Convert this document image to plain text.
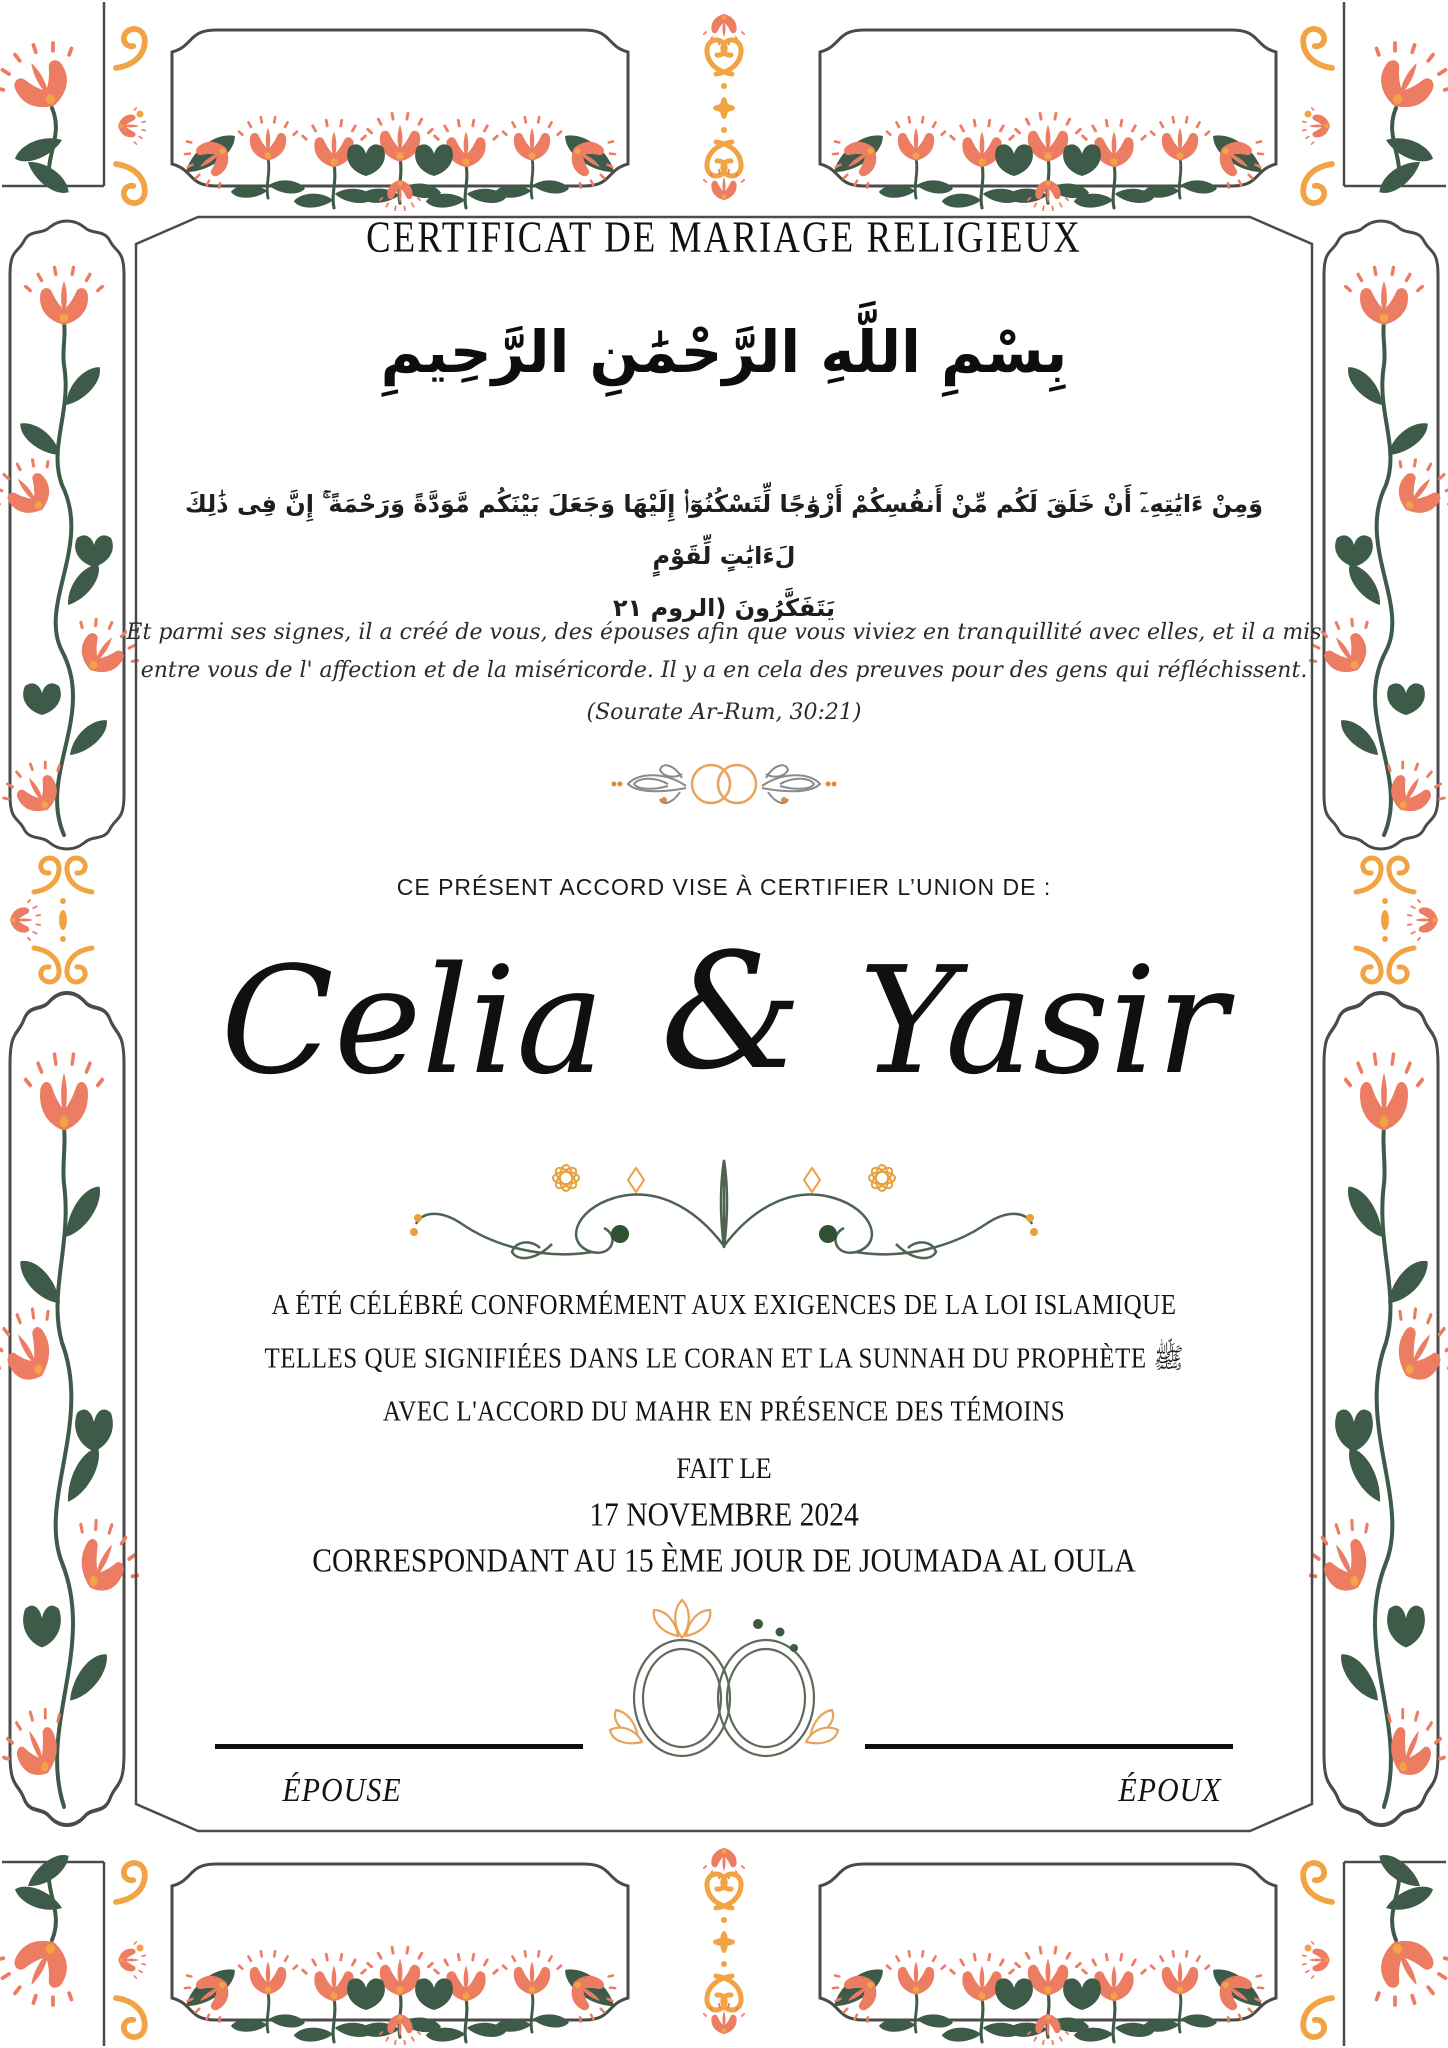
CERTIFICAT DE MARIAGE RELIGIEUX
بِسْمِ اللَّهِ الرَّحْمَٰنِ الرَّحِيمِ
وَمِنْ ءَايَٰتِهِۦٓ أَنْ خَلَقَ لَكُم مِّنْ أَنفُسِكُمْ أَزْوَٰجًا لِّتَسْكُنُوٓا۟ إِلَيْهَا وَجَعَلَ بَيْنَكُم مَّوَدَّةً وَرَحْمَةً ۚ إِنَّ فِى ذَٰلِكَ لَءَايَٰتٍ لِّقَوْمٍ
يَتَفَكَّرُونَ (الروم ٢١
Et parmi ses signes, il a créé de vous, des épouses afin que vous viviez en tranquillité avec elles, et il a mis
entre vous de l' affection et de la miséricorde. Il y a en cela des preuves pour des gens qui réfléchissent.
(Sourate Ar-Rum, 30:21)
CE PRÉSENT ACCORD VISE À CERTIFIER L’UNION DE :
Celia & Yasir
A ÉTÉ CÉLÉBRÉ CONFORMÉMENT AUX EXIGENCES DE LA LOI ISLAMIQUE
TELLES QUE SIGNIFIÉES DANS LE CORAN ET LA SUNNAH DU PROPHÈTE ﷺ
AVEC L'ACCORD DU MAHR EN PRÉSENCE DES TÉMOINS
FAIT LE
17 NOVEMBRE 2024
CORRESPONDANT AU 15 ÈME JOUR DE JOUMADA AL OULA
ÉPOUSE	ÉPOUX
